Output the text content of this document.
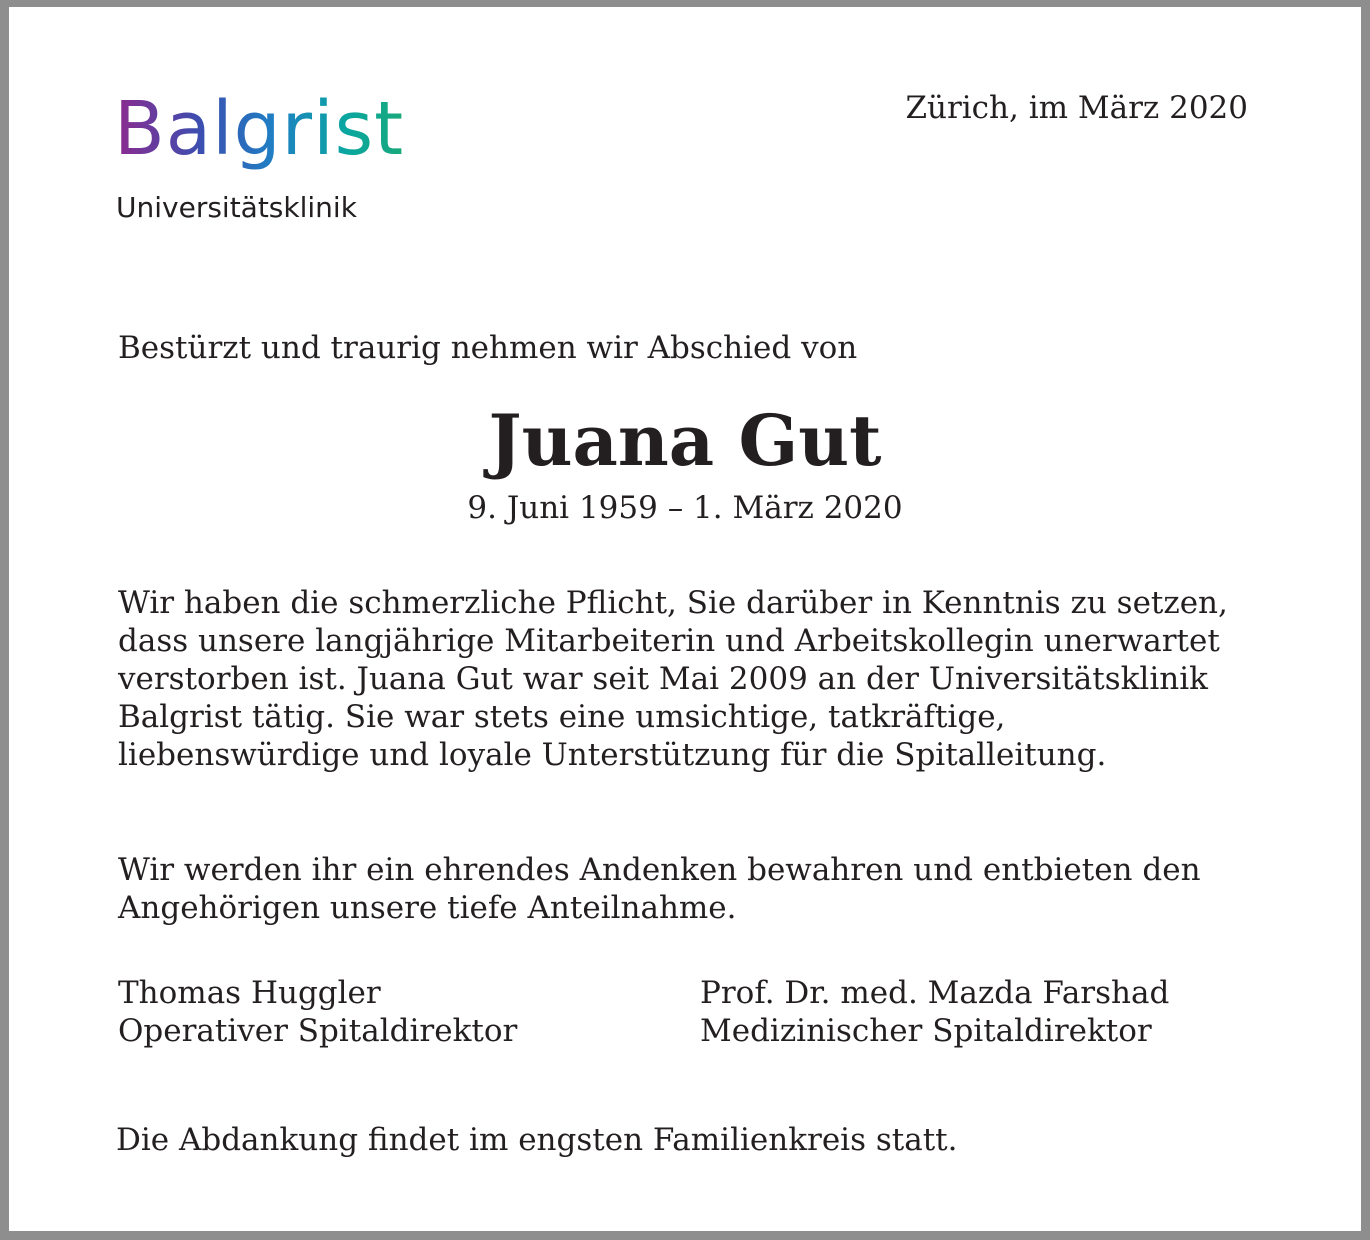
Balgrist
Universitätsklinik
Zürich, im März 2020
Bestürzt und traurig nehmen wir Abschied von
Juana Gut
9. Juni 1959 – 1. März 2020

Wir haben die schmerzliche Pflicht, Sie darüber in Kenntnis zu setzen, dass unsere langjährige Mitarbeiterin und Arbeitskollegin unerwartet verstorben ist. Juana Gut war seit Mai 2009 an der Universitätsklinik Balgrist tätig. Sie war stets eine umsichtige, tatkräftige, liebenswürdige und loyale Unterstützung für die Spitalleitung.

Wir werden ihr ein ehrendes Andenken bewahren und entbieten den Angehörigen unsere tiefe Anteilnahme.

Thomas Huggler
Operativer Spitaldirektor
Prof. Dr. med. Mazda Farshad
Medizinischer Spitaldirektor
Die Abdankung findet im engsten Familienkreis statt.
